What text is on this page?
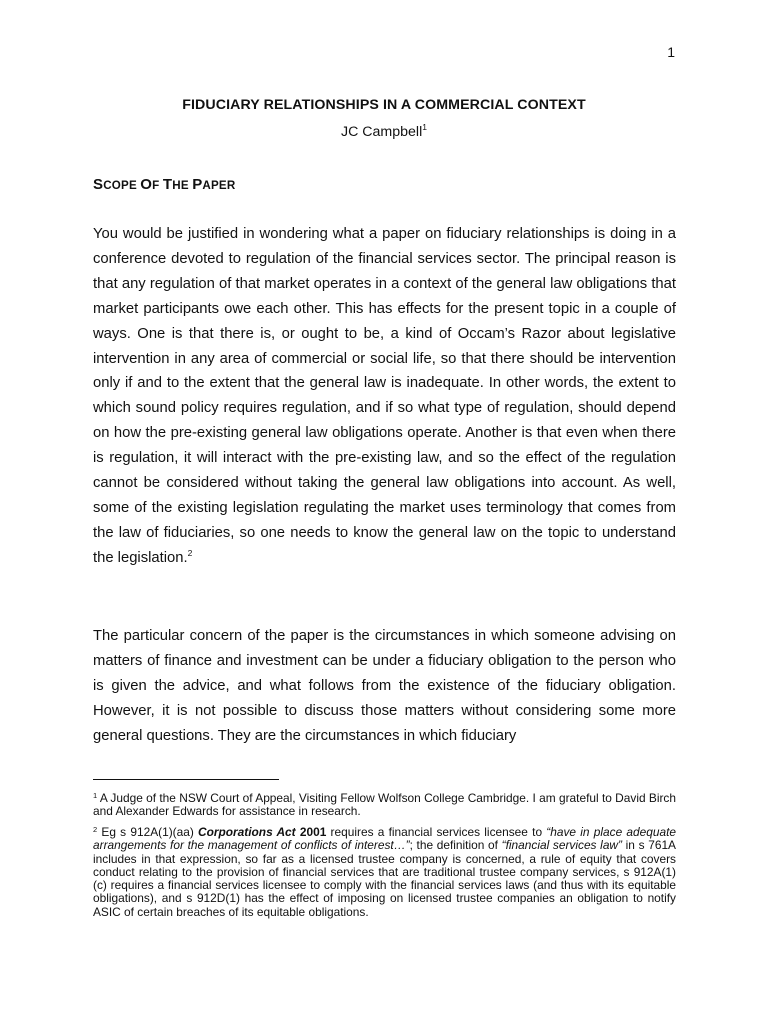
1
FIDUCIARY RELATIONSHIPS IN A COMMERCIAL CONTEXT
JC Campbell$^1$
SCOPE OF THE PAPER

You would be justified in wondering what a paper on fiduciary relationships is doing in a conference devoted to regulation of the financial services sector. The principal reason is that any regulation of that market operates in a context of the general law obligations that market participants owe each other. This has effects for the present topic in a couple of ways. One is that there is, or ought to be, a kind of Occam’s Razor about legislative intervention in any area of commercial or social life, so that there should be intervention only if and to the extent that the general law is inadequate. In other words, the extent to which sound policy requires regulation, and if so what type of regulation, should depend on how the pre-existing general law obligations operate. Another is that even when there is regulation, it will interact with the pre-existing law, and so the effect of the regulation cannot be considered without taking the general law obligations into account. As well, some of the existing legislation regulating the market uses terminology that comes from the law of fiduciaries, so one needs to know the general law on the topic to understand the legislation.$^2$

The particular concern of the paper is the circumstances in which someone advising on matters of finance and investment can be under a fiduciary obligation to the person who is given the advice, and what follows from the existence of the fiduciary obligation. However, it is not possible to discuss those matters without considering some more general questions. They are the circumstances in which fiduciary

$^1$ A Judge of the NSW Court of Appeal, Visiting Fellow Wolfson College Cambridge. I am grateful to David Birch and Alexander Edwards for assistance in research.

$^2$ Eg s 912A(1)(aa) Corporations Act 2001 requires a financial services licensee to “have in place adequate arrangements for the management of conflicts of interest…”; the definition of “financial services law” in s 761A includes in that expression, so far as a licensed trustee company is concerned, a rule of equity that covers conduct relating to the provision of financial services that are traditional trustee company services, s 912A(1)(c) requires a financial services licensee to comply with the financial services laws (and thus with its equitable obligations), and s 912D(1) has the effect of imposing on licensed trustee companies an obligation to notify ASIC of certain breaches of its equitable obligations.
